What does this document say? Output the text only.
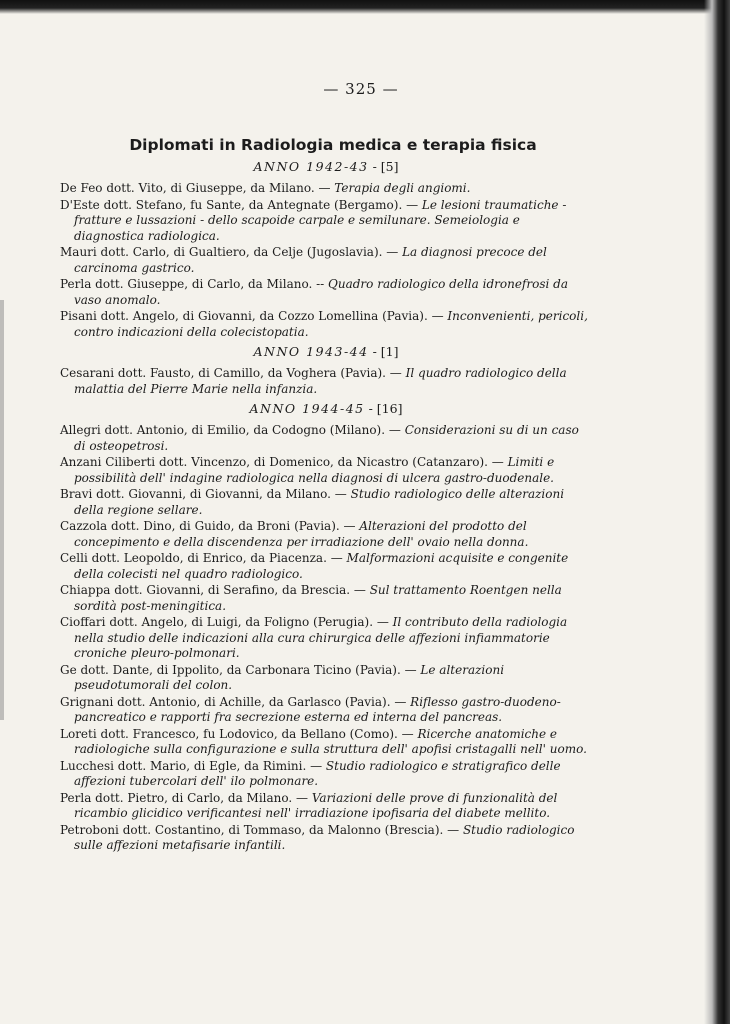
— 325 —
Diplomati in Radiologia medica e terapia fisica
ANNO 1942-43 - [5]
De Feo dott. Vito, di Giuseppe, da Milano. — Terapia degli angiomi.
D'Este dott. Stefano, fu Sante, da Antegnate (Bergamo). — Le lesioni traumatiche - fratture e lussazioni - dello scapoide carpale e semilunare. Semeiologia e diagnostica radiologica.
Mauri dott. Carlo, di Gualtiero, da Celje (Jugoslavia). — La diagnosi precoce del carcinoma gastrico.
Perla dott. Giuseppe, di Carlo, da Milano. -- Quadro radiologico della idronefrosi da vaso anomalo.
Pisani dott. Angelo, di Giovanni, da Cozzo Lomellina (Pavia). — Inconvenienti, pericoli, contro indicazioni della colecistopatia.
ANNO 1943-44 - [1]
Cesarani dott. Fausto, di Camillo, da Voghera (Pavia). — Il quadro radiologico della malattia del Pierre Marie nella infanzia.
ANNO 1944-45 - [16]
Allegri dott. Antonio, di Emilio, da Codogno (Milano). — Considerazioni su di un caso di osteopetrosi.
Anzani Ciliberti dott. Vincenzo, di Domenico, da Nicastro (Catanzaro). — Limiti e possibilità dell' indagine radiologica nella diagnosi di ulcera gastro-duodenale.
Bravi dott. Giovanni, di Giovanni, da Milano. — Studio radiologico delle alterazioni della regione sellare.
Cazzola dott. Dino, di Guido, da Broni (Pavia). — Alterazioni del prodotto del concepimento e della discendenza per irradiazione dell' ovaio nella donna.
Celli dott. Leopoldo, di Enrico, da Piacenza. — Malformazioni acquisite e congenite della colecisti nel quadro radiologico.
Chiappa dott. Giovanni, di Serafino, da Brescia. — Sul trattamento Roentgen nella sordità post-meningitica.
Cioffari dott. Angelo, di Luigi, da Foligno (Perugia). — Il contributo della radiologia nella studio delle indicazioni alla cura chirurgica delle affezioni infiammatorie croniche pleuro-polmonari.
Ge dott. Dante, di Ippolito, da Carbonara Ticino (Pavia). — Le alterazioni pseudotumorali del colon.
Grignani dott. Antonio, di Achille, da Garlasco (Pavia). — Riflesso gastro-duodeno-pancreatico e rapporti fra secrezione esterna ed interna del pancreas.
Loreti dott. Francesco, fu Lodovico, da Bellano (Como). — Ricerche anatomiche e radiologiche sulla configurazione e sulla struttura dell' apofisi cristagalli nell' uomo.
Lucchesi dott. Mario, di Egle, da Rimini. — Studio radiologico e stratigrafico delle affezioni tubercolari dell' ilo polmonare.
Perla dott. Pietro, di Carlo, da Milano. — Variazioni delle prove di funzionalità del ricambio glicidico verificantesi nell' irradiazione ipofisaria del diabete mellito.
Petroboni dott. Costantino, di Tommaso, da Malonno (Brescia). — Studio radiologico sulle affezioni metafisarie infantili.
